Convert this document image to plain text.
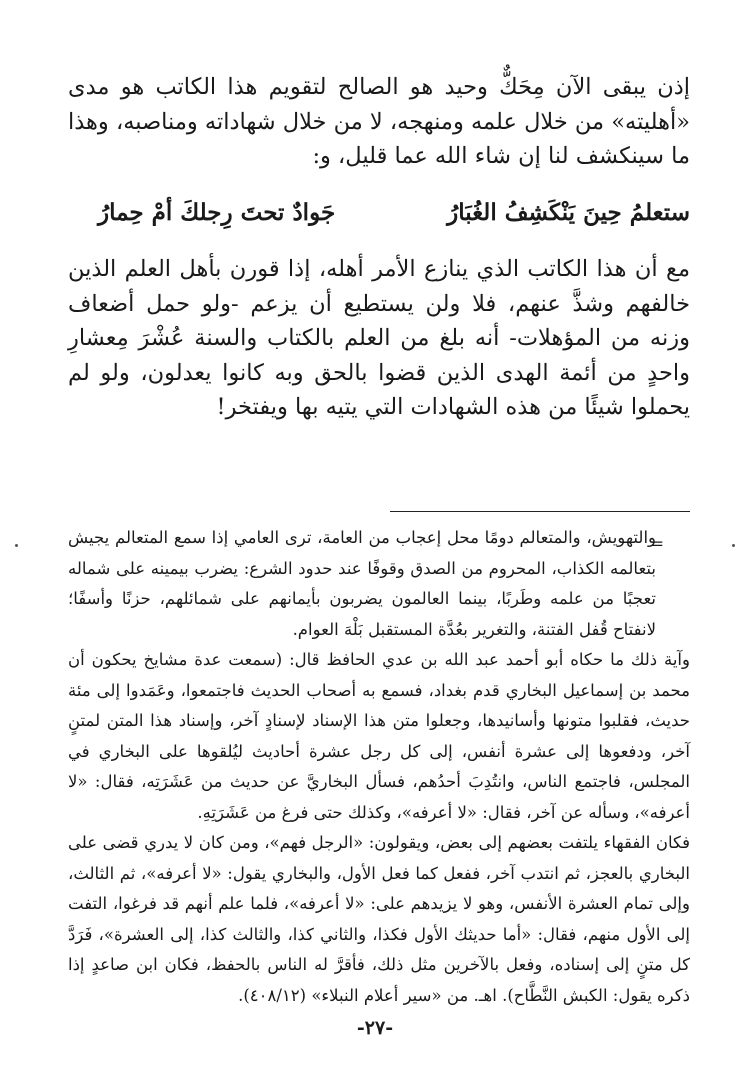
إذن يبقى الآن مِحَكٌّ وحيد هو الصالح لتقويم هذا الكاتب هو مدى «أهليته» من خلال علمه ومنهجه، لا من خلال شهاداته ومناصبه، وهذا ما سينكشف لنا إن شاء الله عما قليل، و:

ستعلمُ حِينَ يَنْكَشِفُ الغُبَارُ
جَوادٌ تحتَ رِجلكَ أمْ حِمارُ

مع أن هذا الكاتب الذي ينازع الأمر أهله، إذا قورن بأهل العلم الذين خالفهم وشذَّ عنهم، فلا ولن يستطيع أن يزعم -ولو حمل أضعاف وزنه من المؤهلات- أنه بلغ من العلم بالكتاب والسنة عُشْرَ مِعشارِ واحدٍ من أئمة الهدى الذين قضوا بالحق وبه كانوا يعدلون، ولو لم يحملوا شيئًا من هذه الشهادات التي يتيه بها ويفتخر!

والتهويش، والمتعالم دومًا محل إعجاب من العامة، ترى العامي إذا سمع المتعالم يجيش بتعالمه الكذاب، المحروم من الصدق وقوفًا عند حدود الشرع: يضرب بيمينه على شماله تعجبًا من علمه وطَربًا، بينما العالمون يضربون بأيمانهم على شمائلهم، حزنًا وأسفًا؛ لانفتاح قُفل الفتنة، والتغرير بعُدَّة المستقبل بَلْهَ العوام.

وآية ذلك ما حكاه أبو أحمد عبد الله بن عدي الحافظ قال: (سمعت عدة مشايخ يحكون أن محمد بن إسماعيل البخاري قدم بغداد، فسمع به أصحاب الحديث فاجتمعوا، وعَمَدوا إلى مئة حديث، فقلبوا متونها وأسانيدها، وجعلوا متن هذا الإسناد لإسنادٍ آخر، وإسناد هذا المتن لمتنٍ آخر، ودفعوها إلى عشرة أنفس، إلى كل رجل عشرة أحاديث ليُلقوها على البخاري في المجلس، فاجتمع الناس، وانتُدِبَ أحدُهم، فسأل البخاريَّ عن حديث من عَشَرَتِه، فقال: «لا أعرفه»، وسأله عن آخر، فقال: «لا أعرفه»، وكذلك حتى فرغ من عَشَرَتِهِ.

فكان الفقهاء يلتفت بعضهم إلى بعض، ويقولون: «الرجل فهم»، ومن كان لا يدري قضى على البخاري بالعجز، ثم انتدب آخر، ففعل كما فعل الأول، والبخاري يقول: «لا أعرفه»، ثم الثالث، وإلى تمام العشرة الأنفس، وهو لا يزيدهم على: «لا أعرفه»، فلما علم أنهم قد فرغوا، التفت إلى الأول منهم، فقال: «أما حديثك الأول فكذا، والثاني كذا، والثالث كذا، إلى العشرة»، فَرَدَّ كل متنٍ إلى إسناده، وفعل بالآخرين مثل ذلك، فأقرَّ له الناس بالحفظ، فكان ابن صاعدٍ إذا ذكره يقول: الكبش النَّطَّاح). اهـ. من «سير أعلام النبلاء» (٤٠٨/١٢).

=
-٢٧-
